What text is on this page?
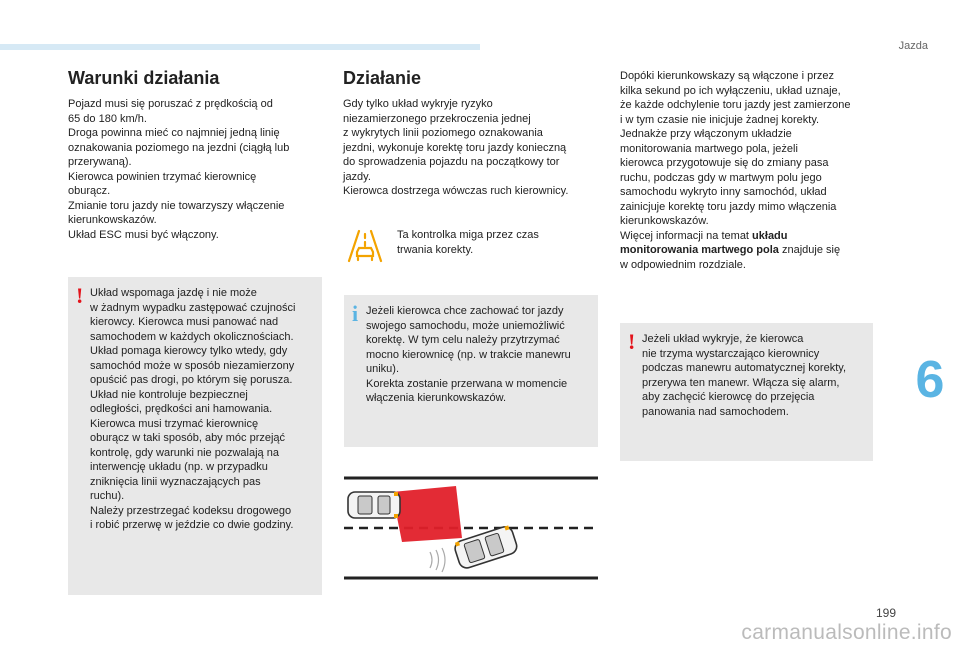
Jazda
6
199
carmanualsonline.info
Warunki działania
Pojazd musi się poruszać z prędkością od
65 do 180 km/h.
Droga powinna mieć co najmniej jedną linię
oznakowania poziomego na jezdni (ciągłą lub
przerywaną).
Kierowca powinien trzymać kierownicę
oburącz.
Zmianie toru jazdy nie towarzyszy włączenie
kierunkowskazów.
Układ ESC musi być włączony.
! Układ wspomaga jazdę i nie może
w żadnym wypadku zastępować czujności
kierowcy. Kierowca musi panować nad
samochodem w każdych okolicznościach.
Układ pomaga kierowcy tylko wtedy, gdy
samochód może w sposób niezamierzony
opuścić pas drogi, po którym się porusza.
Układ nie kontroluje bezpiecznej
odległości, prędkości ani hamowania.
Kierowca musi trzymać kierownicę
oburącz w taki sposób, aby móc przejąć
kontrolę, gdy warunki nie pozwalają na
interwencję układu (np. w przypadku
zniknięcia linii wyznaczających pas
ruchu).
Należy przestrzegać kodeksu drogowego
i robić przerwę w jeździe co dwie godziny.
Działanie
Gdy tylko układ wykryje ryzyko
niezamierzonego przekroczenia jednej
z wykrytych linii poziomego oznakowania
jezdni, wykonuje korektę toru jazdy konieczną
do sprowadzenia pojazdu na początkowy tor
jazdy.
Kierowca dostrzega wówczas ruch kierownicy.
Ta kontrolka miga przez czas
trwania korekty.
i Jeżeli kierowca chce zachować tor jazdy
swojego samochodu, może uniemożliwić
korektę. W tym celu należy przytrzymać
mocno kierownicę (np. w trakcie manewru
uniku).
Korekta zostanie przerwana w momencie
włączenia kierunkowskazów.
Dopóki kierunkowskazy są włączone i przez
kilka sekund po ich wyłączeniu, układ uznaje,
że każde odchylenie toru jazdy jest zamierzone
i w tym czasie nie inicjuje żadnej korekty.
Jednakże przy włączonym układzie
monitorowania martwego pola, jeżeli
kierowca przygotowuje się do zmiany pasa
ruchu, podczas gdy w martwym polu jego
samochodu wykryto inny samochód, układ
zainicjuje korektę toru jazdy mimo włączenia
kierunkowskazów.
Więcej informacji na temat układu
monitorowania martwego pola znajduje się
w odpowiednim rozdziale.
! Jeżeli układ wykryje, że kierowca
nie trzyma wystarczająco kierownicy
podczas manewru automatycznej korekty,
przerywa ten manewr. Włącza się alarm,
aby zachęcić kierowcę do przejęcia
panowania nad samochodem.
